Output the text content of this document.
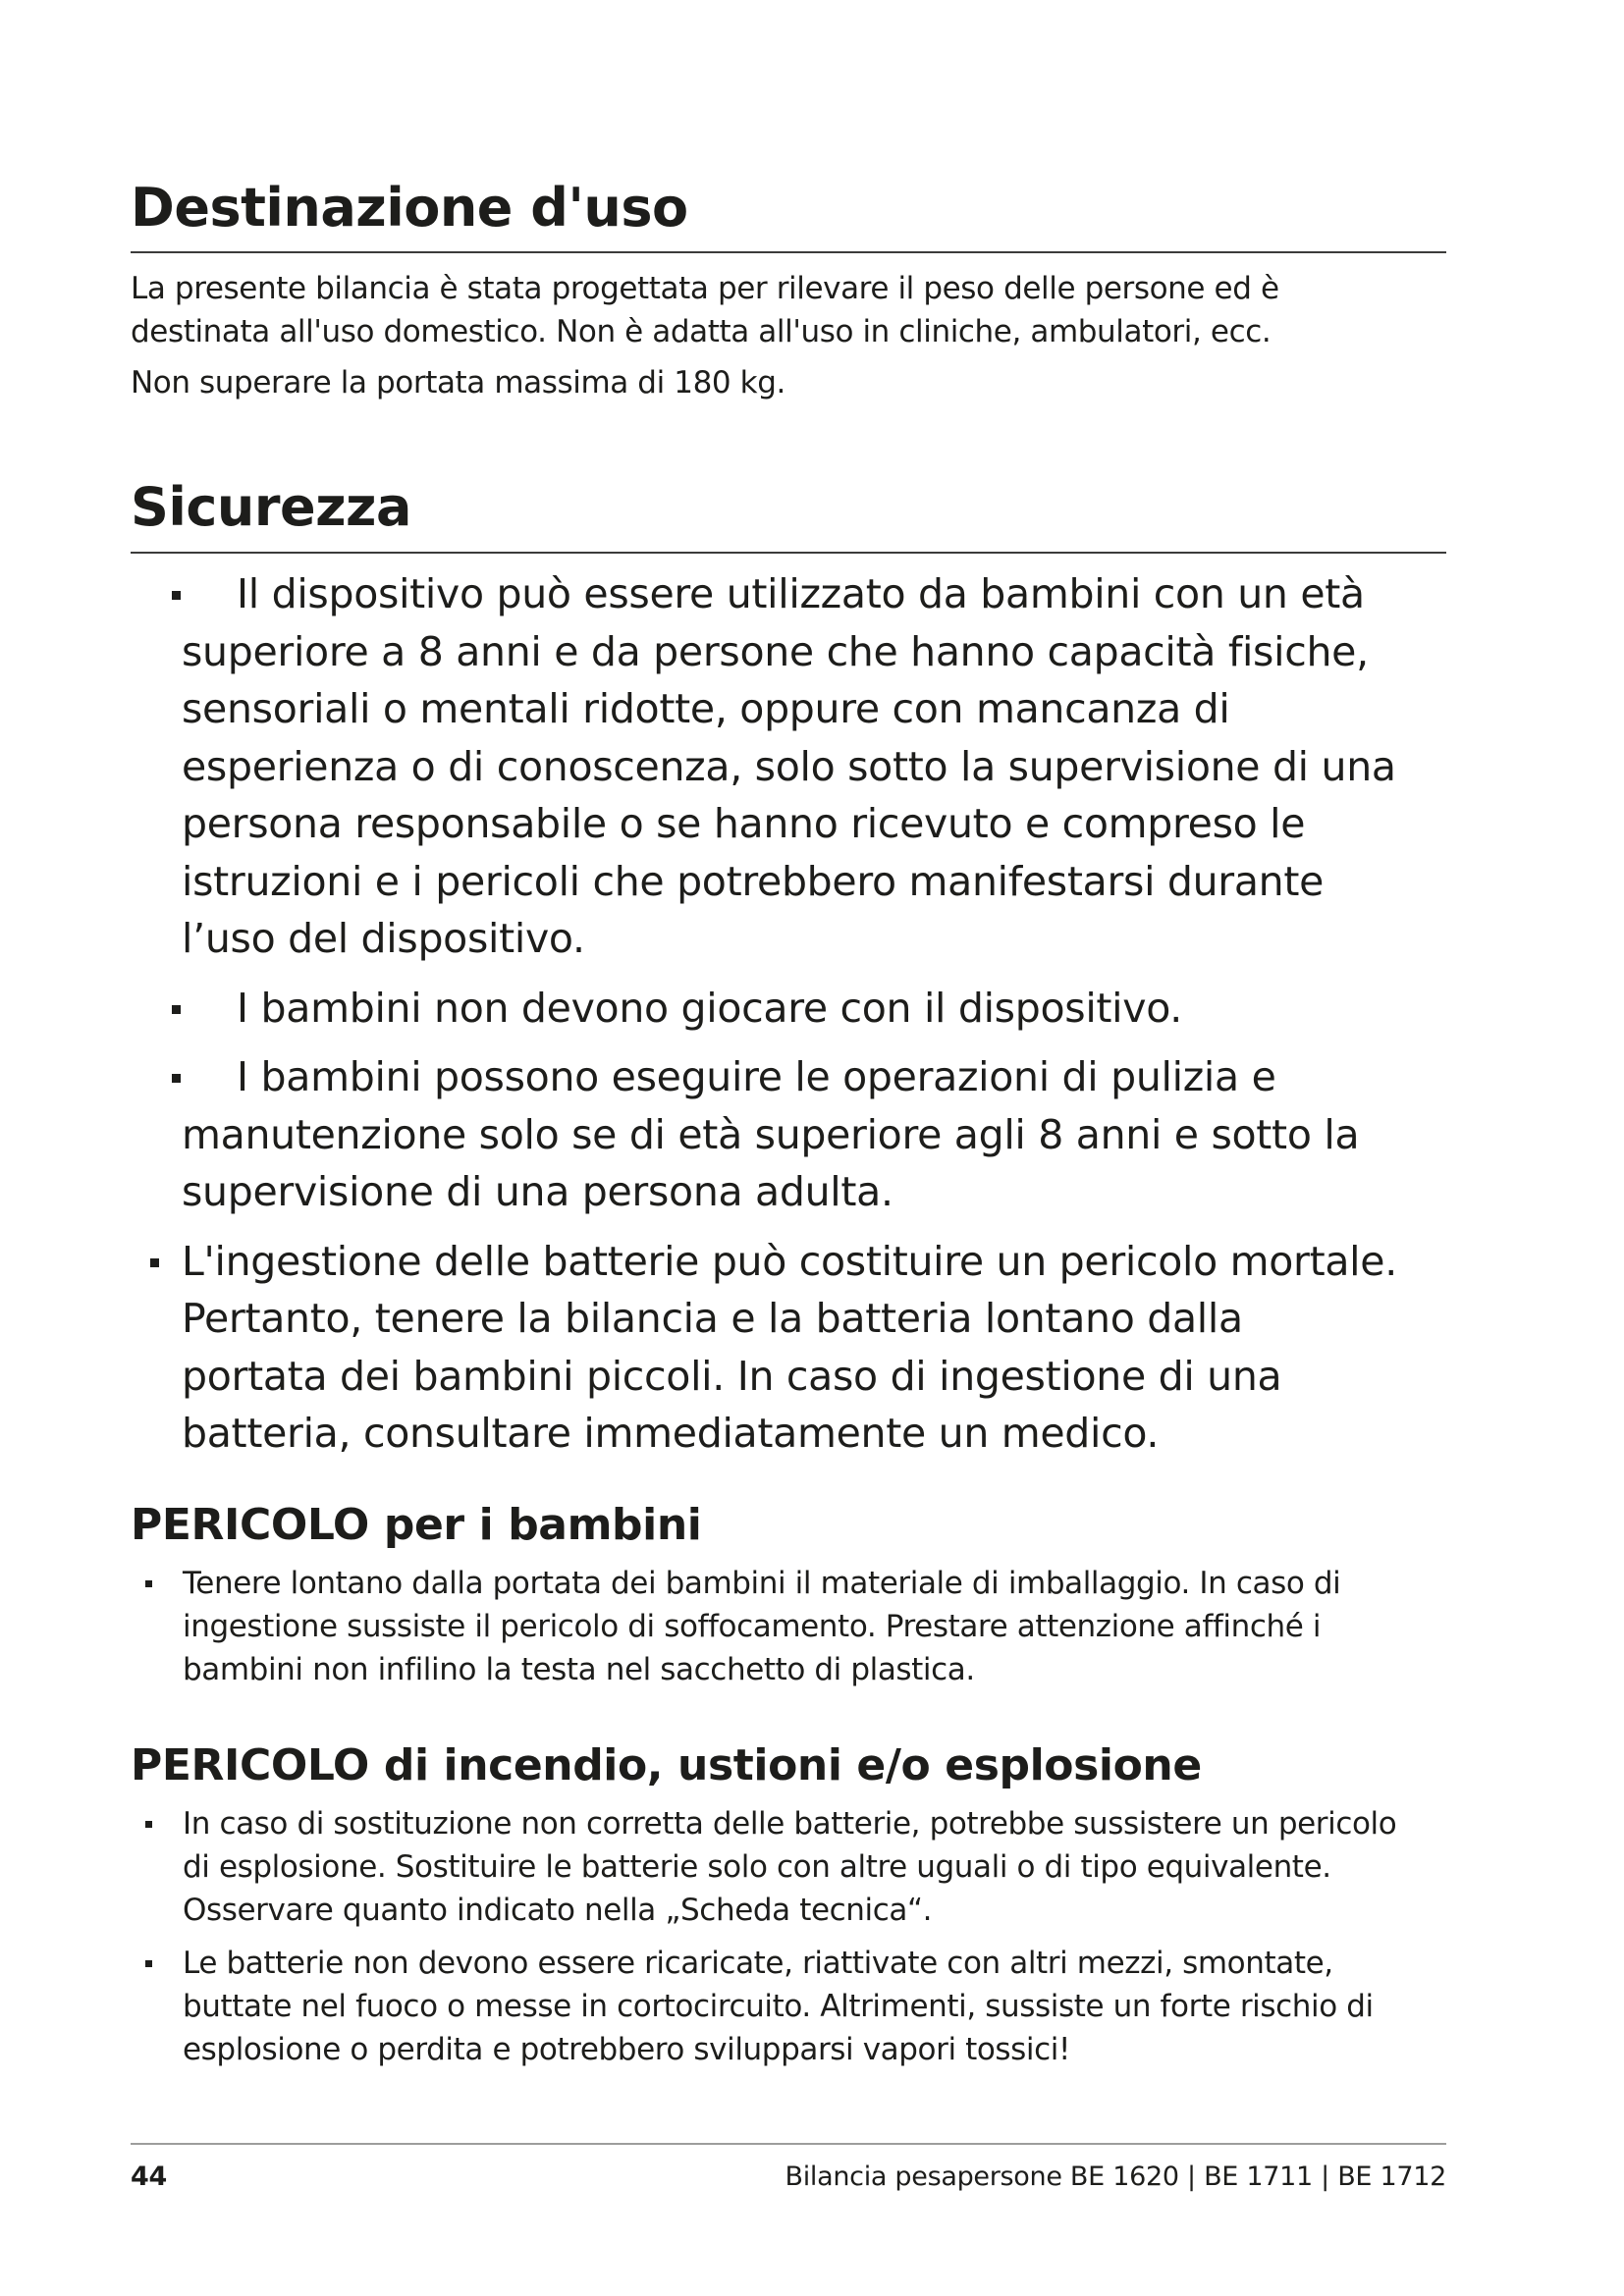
Destinazione d'uso

La presente bilancia è stata progettata per rilevare il peso delle persone ed è destinata all'uso domestico. Non è adatta all'uso in cliniche, ambulatori, ecc.

Non superare la portata massima di 180 kg.

Sicurezza
Il dispositivo può essere utilizzato da bambini con un età superiore a 8 anni e da persone che hanno capacità fisiche, sensoriali o mentali ridotte, oppure con mancanza di esperienza o di conoscenza, solo sotto la supervisione di una persona responsabile o se hanno ricevuto e compreso le istruzioni e i pericoli che potrebbero manifestarsi durante l’uso del dispositivo.
I bambini non devono giocare con il dispositivo.
I bambini possono eseguire le operazioni di pulizia e manutenzione solo se di età superiore agli 8 anni e sotto la supervisione di una persona adulta.
L'ingestione delle batterie può costituire un pericolo mortale. Pertanto, tenere la bilancia e la batteria lontano dalla portata dei bambini piccoli. In caso di ingestione di una batteria, consultare immediatamente un medico.
PERICOLO per i bambini
Tenere lontano dalla portata dei bambini il materiale di imballaggio. In caso di ingestione sussiste il pericolo di soffocamento. Prestare attenzione affinché i bambini non infilino la testa nel sacchetto di plastica.
PERICOLO di incendio, ustioni e/o esplosione
In caso di sostituzione non corretta delle batterie, potrebbe sussistere un pericolo di esplosione. Sostituire le batterie solo con altre uguali o di tipo equivalente. Osservare quanto indicato nella „Scheda tecnica“.
Le batterie non devono essere ricaricate, riattivate con altri mezzi, smontate, buttate nel fuoco o messe in cortocircuito. Altrimenti, sussiste un forte rischio di esplosione o perdita e potrebbero svilupparsi vapori tossici!
44	Bilancia pesapersone BE 1620 | BE 1711 | BE 1712
